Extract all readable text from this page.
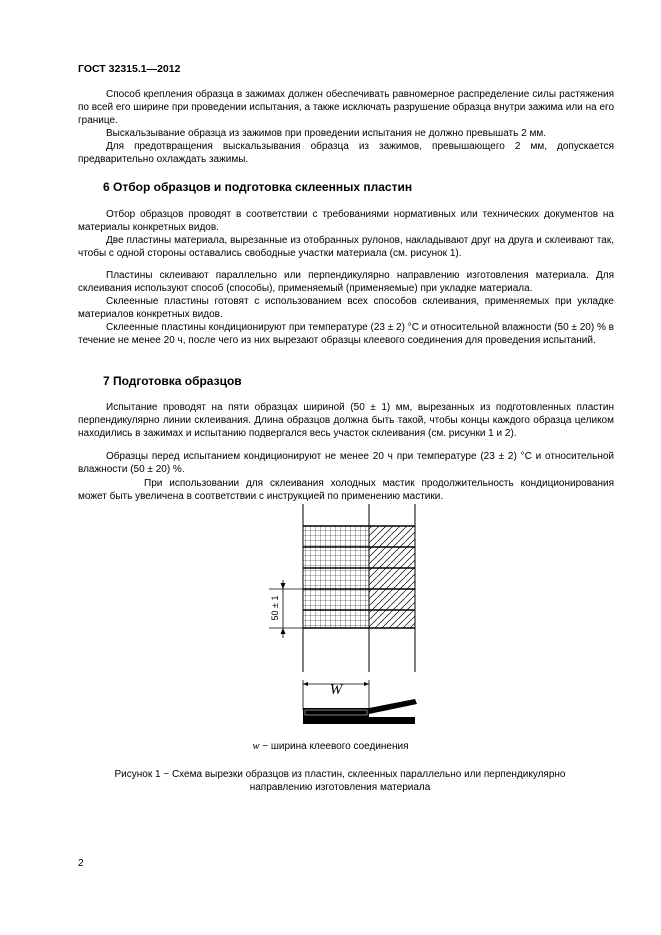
ГОСТ 32315.1—2012

Способ крепления образца в зажимах должен обеспечивать равномерное распределение силы растяжения по всей его ширине при проведении испытания, а также исключать разрушение образца внутри зажима или на его границе.

Выскальзывание образца из зажимов при проведении испытания не должно превышать 2 мм.

Для предотвращения выскальзывания образца из зажимов, превышающего 2 мм, допускается предварительно охлаждать зажимы.

6 Отбор образцов и подготовка склеенных пластин

Отбор образцов проводят в соответствии с требованиями нормативных или технических документов на материалы конкретных видов.

Две пластины материала, вырезанные из отобранных рулонов, накладывают друг на друга и склеивают так, чтобы с одной стороны оставались свободные участки материала (см. рисунок 1).

Пластины склеивают параллельно или перпендикулярно направлению изготовления материала. Для склеивания используют способ (способы), применяемый (применяемые) при укладке материала.

Склеенные пластины готовят с использованием всех способов склеивания, применяемых при укладке материалов конкретных видов.

Склеенные пластины кондиционируют при температуре (23 ± 2) °С и относительной влажности (50 ± 20) % в течение не менее 20 ч, после чего из них вырезают образцы клеевого соединения для проведения испытаний.

7 Подготовка образцов

Испытание проводят на пяти образцах шириной (50 ± 1) мм, вырезанных из подготовленных пластин перпендикулярно линии склеивания. Длина образцов должна быть такой, чтобы концы каждого образца целиком находились в зажимах и испытанию подвергался весь участок склеивания (см. рисунки 1 и 2).

Образцы перед испытанием кондиционируют не менее 20 ч при температуре (23 ± 2) °С и относительной влажности (50 ± 20) %.

При использовании для склеивания холодных мастик продолжительность кондиционирования может быть увеличена в соответствии с инструкцией по применению мастики.

50 ± 1
W
w − ширина клеевого соединения
Рисунок 1 − Схема вырезки образцов из пластин, склеенных параллельно или перпендикулярно направлению изготовления материала
2
